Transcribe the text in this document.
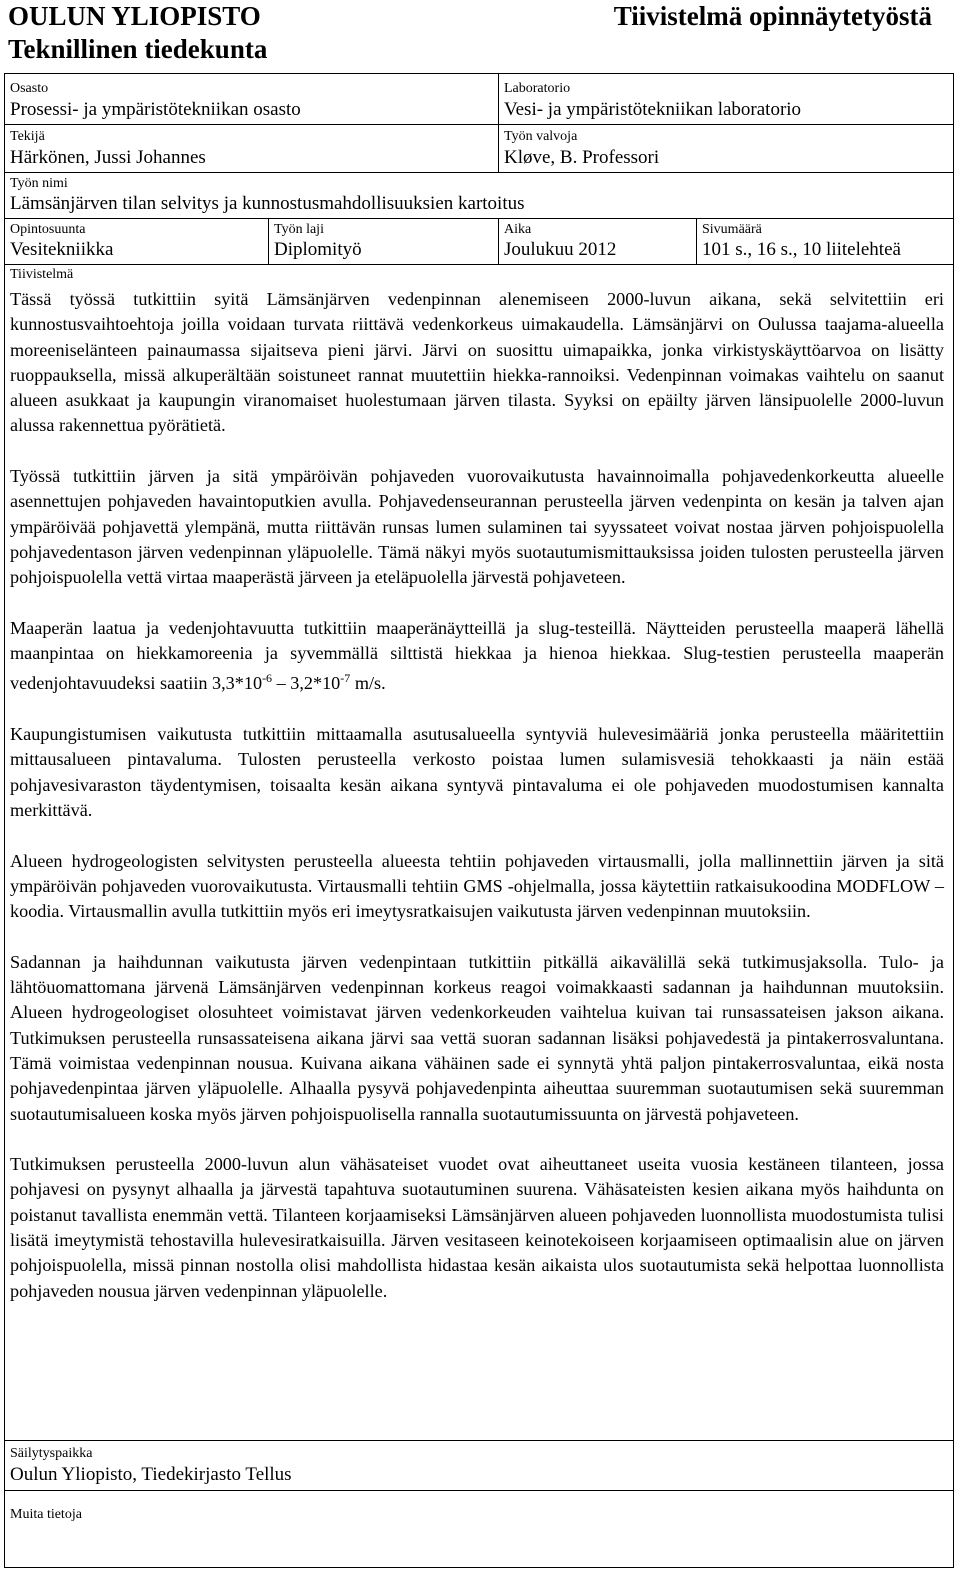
OULUN YLIOPISTO
Teknillinen tiedekunta
Tiivistelmä opinnäytetyöstä
Osasto
Prosessi- ja ympäristötekniikan osasto
Laboratorio
Vesi- ja ympäristötekniikan laboratorio
Tekijä
Härkönen, Jussi Johannes
Työn valvoja
Kløve, B. Professori
Työn nimi
Lämsänjärven tilan selvitys ja kunnostusmahdollisuuksien kartoitus
Opintosuunta
Vesitekniikka
Työn laji
Diplomityö
Aika
Joulukuu 2012
Sivumäärä
101 s., 16 s., 10 liitelehteä
Tiivistelmä
Säilytyspaikka
Oulun Yliopisto, Tiedekirjasto Tellus
Muita tietoja

Tässä työssä tutkittiin syitä Lämsänjärven vedenpinnan alenemiseen 2000-luvun aikana, sekä selvitettiin eri kunnostusvaihtoehtoja joilla voidaan turvata riittävä vedenkorkeus uimakaudella. Lämsänjärvi on Oulussa taajama-alueella moreeniselänteen painaumassa sijaitseva pieni järvi. Järvi on suosittu uimapaikka, jonka virkistyskäyttöarvoa on lisätty ruoppauksella, missä alkuperältään soistuneet rannat muutettiin hiekka-rannoiksi. Vedenpinnan voimakas vaihtelu on saanut alueen asukkaat ja kaupungin viranomaiset huolestumaan järven tilasta. Syyksi on epäilty järven länsipuolelle 2000-luvun alussa rakennettua pyörätietä.

Työssä tutkittiin järven ja sitä ympäröivän pohjaveden vuorovaikutusta havainnoimalla pohjavedenkorkeutta alueelle asennettujen pohjaveden havaintoputkien avulla. Pohjavedenseurannan perusteella järven vedenpinta on kesän ja talven ajan ympäröivää pohjavettä ylempänä, mutta riittävän runsas lumen sulaminen tai syyssateet voivat nostaa järven pohjoispuolella pohjavedentason järven vedenpinnan yläpuolelle. Tämä näkyi myös suotautumismittauksissa joiden tulosten perusteella järven pohjoispuolella vettä virtaa maaperästä järveen ja eteläpuolella järvestä pohjaveteen.

Maaperän laatua ja vedenjohtavuutta tutkittiin maaperänäytteillä ja slug-testeillä. Näytteiden perusteella maaperä lähellä maanpintaa on hiekkamoreenia ja syvemmällä silttistä hiekkaa ja hienoa hiekkaa. Slug-testien perusteella maaperän vedenjohtavuudeksi saatiin $3,3*10^{-6} - 3,2*10^{-7}$ m/s.

Kaupungistumisen vaikutusta tutkittiin mittaamalla asutusalueella syntyviä hulevesimääriä jonka perusteella määritettiin mittausalueen pintavaluma. Tulosten perusteella verkosto poistaa lumen sulamisvesiä tehokkaasti ja näin estää pohjavesivaraston täydentymisen, toisaalta kesän aikana syntyvä pintavaluma ei ole pohjaveden muodostumisen kannalta merkittävä.

Alueen hydrogeologisten selvitysten perusteella alueesta tehtiin pohjaveden virtausmalli, jolla mallinnettiin järven ja sitä ympäröivän pohjaveden vuorovaikutusta. Virtausmalli tehtiin GMS -ohjelmalla, jossa käytettiin ratkaisukoodina MODFLOW – koodia. Virtausmallin avulla tutkittiin myös eri imeytysratkaisujen vaikutusta järven vedenpinnan muutoksiin.

Sadannan ja haihdunnan vaikutusta järven vedenpintaan tutkittiin pitkällä aikavälillä sekä tutkimusjaksolla. Tulo- ja lähtöuomattomana järvenä Lämsänjärven vedenpinnan korkeus reagoi voimakkaasti sadannan ja haihdunnan muutoksiin. Alueen hydrogeologiset olosuhteet voimistavat järven vedenkorkeuden vaihtelua kuivan tai runsassateisen jakson aikana. Tutkimuksen perusteella runsassateisena aikana järvi saa vettä suoran sadannan lisäksi pohjavedestä ja pintakerrosvaluntana. Tämä voimistaa vedenpinnan nousua. Kuivana aikana vähäinen sade ei synnytä yhtä paljon pintakerrosvaluntaa, eikä nosta pohjavedenpintaa järven yläpuolelle. Alhaalla pysyvä pohjavedenpinta aiheuttaa suuremman suotautumisen sekä suuremman suotautumisalueen koska myös järven pohjoispuolisella rannalla suotautumissuunta on järvestä pohjaveteen.

Tutkimuksen perusteella 2000-luvun alun vähäsateiset vuodet ovat aiheuttaneet useita vuosia kestäneen tilanteen, jossa pohjavesi on pysynyt alhaalla ja järvestä tapahtuva suotautuminen suurena. Vähäsateisten kesien aikana myös haihdunta on poistanut tavallista enemmän vettä. Tilanteen korjaamiseksi Lämsänjärven alueen pohjaveden luonnollista muodostumista tulisi lisätä imeytymistä tehostavilla hulevesiratkaisuilla. Järven vesitaseen keinotekoiseen korjaamiseen optimaalisin alue on järven pohjoispuolella, missä pinnan nostolla olisi mahdollista hidastaa kesän aikaista ulos suotautumista sekä helpottaa luonnollista pohjaveden nousua järven vedenpinnan yläpuolelle.
